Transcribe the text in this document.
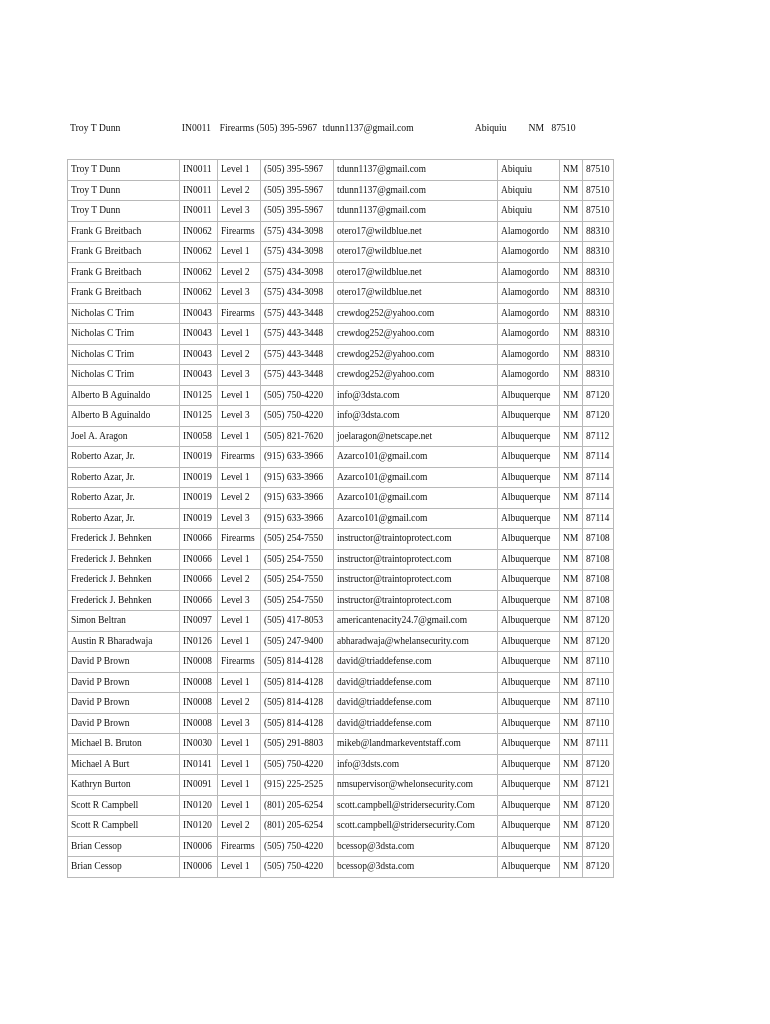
Troy T Dunn	IN0011 Firearms (505) 395-5967 tdunn1137@gmail.com	Abiquiu NM 87510
Troy T Dunn	IN0011	Level 1	(505) 395-5967	tdunn1137@gmail.com	Abiquiu	NM	87510
Troy T Dunn	IN0011	Level 2	(505) 395-5967	tdunn1137@gmail.com	Abiquiu	NM	87510
Troy T Dunn	IN0011	Level 3	(505) 395-5967	tdunn1137@gmail.com	Abiquiu	NM	87510
Frank G Breitbach	IN0062	Firearms	(575) 434-3098	otero17@wildblue.net	Alamogordo	NM	88310
Frank G Breitbach	IN0062	Level 1	(575) 434-3098	otero17@wildblue.net	Alamogordo	NM	88310
Frank G Breitbach	IN0062	Level 2	(575) 434-3098	otero17@wildblue.net	Alamogordo	NM	88310
Frank G Breitbach	IN0062	Level 3	(575) 434-3098	otero17@wildblue.net	Alamogordo	NM	88310
Nicholas C Trim	IN0043	Firearms	(575) 443-3448	crewdog252@yahoo.com	Alamogordo	NM	88310
Nicholas C Trim	IN0043	Level 1	(575) 443-3448	crewdog252@yahoo.com	Alamogordo	NM	88310
Nicholas C Trim	IN0043	Level 2	(575) 443-3448	crewdog252@yahoo.com	Alamogordo	NM	88310
Nicholas C Trim	IN0043	Level 3	(575) 443-3448	crewdog252@yahoo.com	Alamogordo	NM	88310
Alberto B Aguinaldo	IN0125	Level 1	(505) 750-4220	info@3dsta.com	Albuquerque	NM	87120
Alberto B Aguinaldo	IN0125	Level 3	(505) 750-4220	info@3dsta.com	Albuquerque	NM	87120
Joel A. Aragon	IN0058	Level 1	(505) 821-7620	joelaragon@netscape.net	Albuquerque	NM	87112
Roberto Azar, Jr.	IN0019	Firearms	(915) 633-3966	Azarco101@gmail.com	Albuquerque	NM	87114
Roberto Azar, Jr.	IN0019	Level 1	(915) 633-3966	Azarco101@gmail.com	Albuquerque	NM	87114
Roberto Azar, Jr.	IN0019	Level 2	(915) 633-3966	Azarco101@gmail.com	Albuquerque	NM	87114
Roberto Azar, Jr.	IN0019	Level 3	(915) 633-3966	Azarco101@gmail.com	Albuquerque	NM	87114
Frederick J. Behnken	IN0066	Firearms	(505) 254-7550	instructor@traintoprotect.com	Albuquerque	NM	87108
Frederick J. Behnken	IN0066	Level 1	(505) 254-7550	instructor@traintoprotect.com	Albuquerque	NM	87108
Frederick J. Behnken	IN0066	Level 2	(505) 254-7550	instructor@traintoprotect.com	Albuquerque	NM	87108
Frederick J. Behnken	IN0066	Level 3	(505) 254-7550	instructor@traintoprotect.com	Albuquerque	NM	87108
Simon Beltran	IN0097	Level 1	(505) 417-8053	americantenacity24.7@gmail.com	Albuquerque	NM	87120
Austin R Bharadwaja	IN0126	Level 1	(505) 247-9400	abharadwaja@whelansecurity.com	Albuquerque	NM	87120
David P Brown	IN0008	Firearms	(505) 814-4128	david@triaddefense.com	Albuquerque	NM	87110
David P Brown	IN0008	Level 1	(505) 814-4128	david@triaddefense.com	Albuquerque	NM	87110
David P Brown	IN0008	Level 2	(505) 814-4128	david@triaddefense.com	Albuquerque	NM	87110
David P Brown	IN0008	Level 3	(505) 814-4128	david@triaddefense.com	Albuquerque	NM	87110
Michael B. Bruton	IN0030	Level 1	(505) 291-8803	mikeb@landmarkeventstaff.com	Albuquerque	NM	87111
Michael A Burt	IN0141	Level 1	(505) 750-4220	info@3dsts.com	Albuquerque	NM	87120
Kathryn Burton	IN0091	Level 1	(915) 225-2525	nmsupervisor@whelonsecurity.com	Albuquerque	NM	87121
Scott R Campbell	IN0120	Level 1	(801) 205-6254	scott.campbell@stridersecurity.Com	Albuquerque	NM	87120
Scott R Campbell	IN0120	Level 2	(801) 205-6254	scott.campbell@stridersecurity.Com	Albuquerque	NM	87120
Brian Cessop	IN0006	Firearms	(505) 750-4220	bcessop@3dsta.com	Albuquerque	NM	87120
Brian Cessop	IN0006	Level 1	(505) 750-4220	bcessop@3dsta.com	Albuquerque	NM	87120
